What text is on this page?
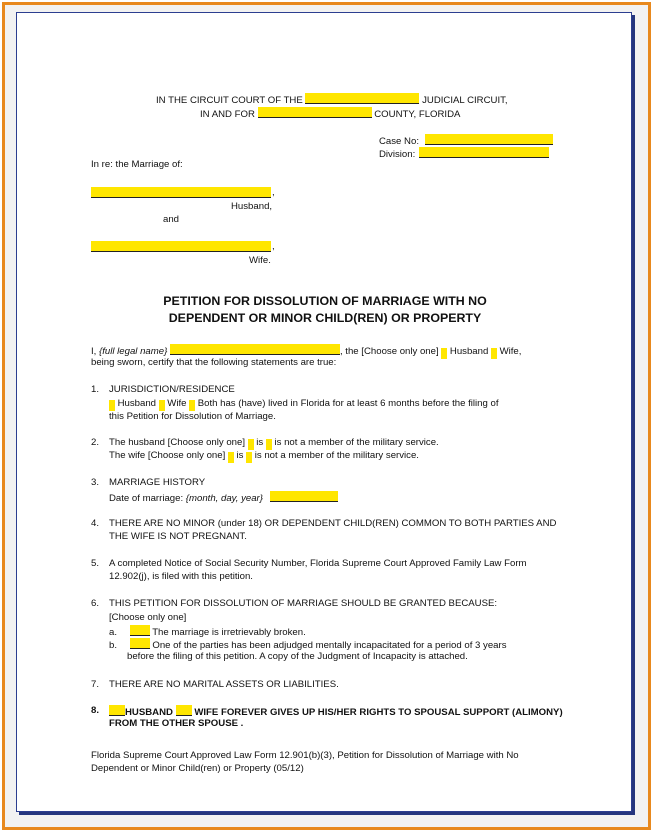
IN THE CIRCUIT COURT OF THE	JUDICIAL CIRCUIT,
IN AND FOR	COUNTY, FLORIDA
Case No:
Division:
In re: the Marriage of:
,
Husband,
and
,
Wife.
PETITION FOR DISSOLUTION OF MARRIAGE WITH NO
DEPENDENT OR MINOR CHILD(REN) OR PROPERTY
I, {full legal name}	, the [Choose only one]   Husband   Wife,
being sworn, certify that the following statements are true:
1. JURISDICTION/RESIDENCE
  Husband   Wife   Both has (have) lived in Florida for at least 6 months before the filing of
this Petition for Dissolution of Marriage.
2. The husband [Choose only one]   is   is not a member of the military service.
The wife [Choose only one]   is   is not a member of the military service.
3. MARRIAGE HISTORY
Date of marriage: {month, day, year}
4. THERE ARE NO MINOR (under 18) OR DEPENDENT CHILD(REN) COMMON TO BOTH PARTIES AND
THE WIFE IS NOT PREGNANT.
5. A completed Notice of Social Security Number, Florida Supreme Court Approved Family Law Form
12.902(j), is filed with this petition.
6. THIS PETITION FOR DISSOLUTION OF MARRIAGE SHOULD BE GRANTED BECAUSE:
[Choose only one]
a.	The marriage is irretrievably broken.
b.	One of the parties has been adjudged mentally incapacitated for a period of 3 years
before the filing of this petition. A copy of the Judgment of Incapacity is attached.
7. THERE ARE NO MARITAL ASSETS OR LIABILITIES.
8.	HUSBAND WIFE FOREVER GIVES UP HIS/HER RIGHTS TO SPOUSAL SUPPORT (ALIMONY)
FROM THE OTHER SPOUSE .
Florida Supreme Court Approved Law Form 12.901(b)(3), Petition for Dissolution of Marriage with No
Dependent or Minor Child(ren) or Property (05/12)
